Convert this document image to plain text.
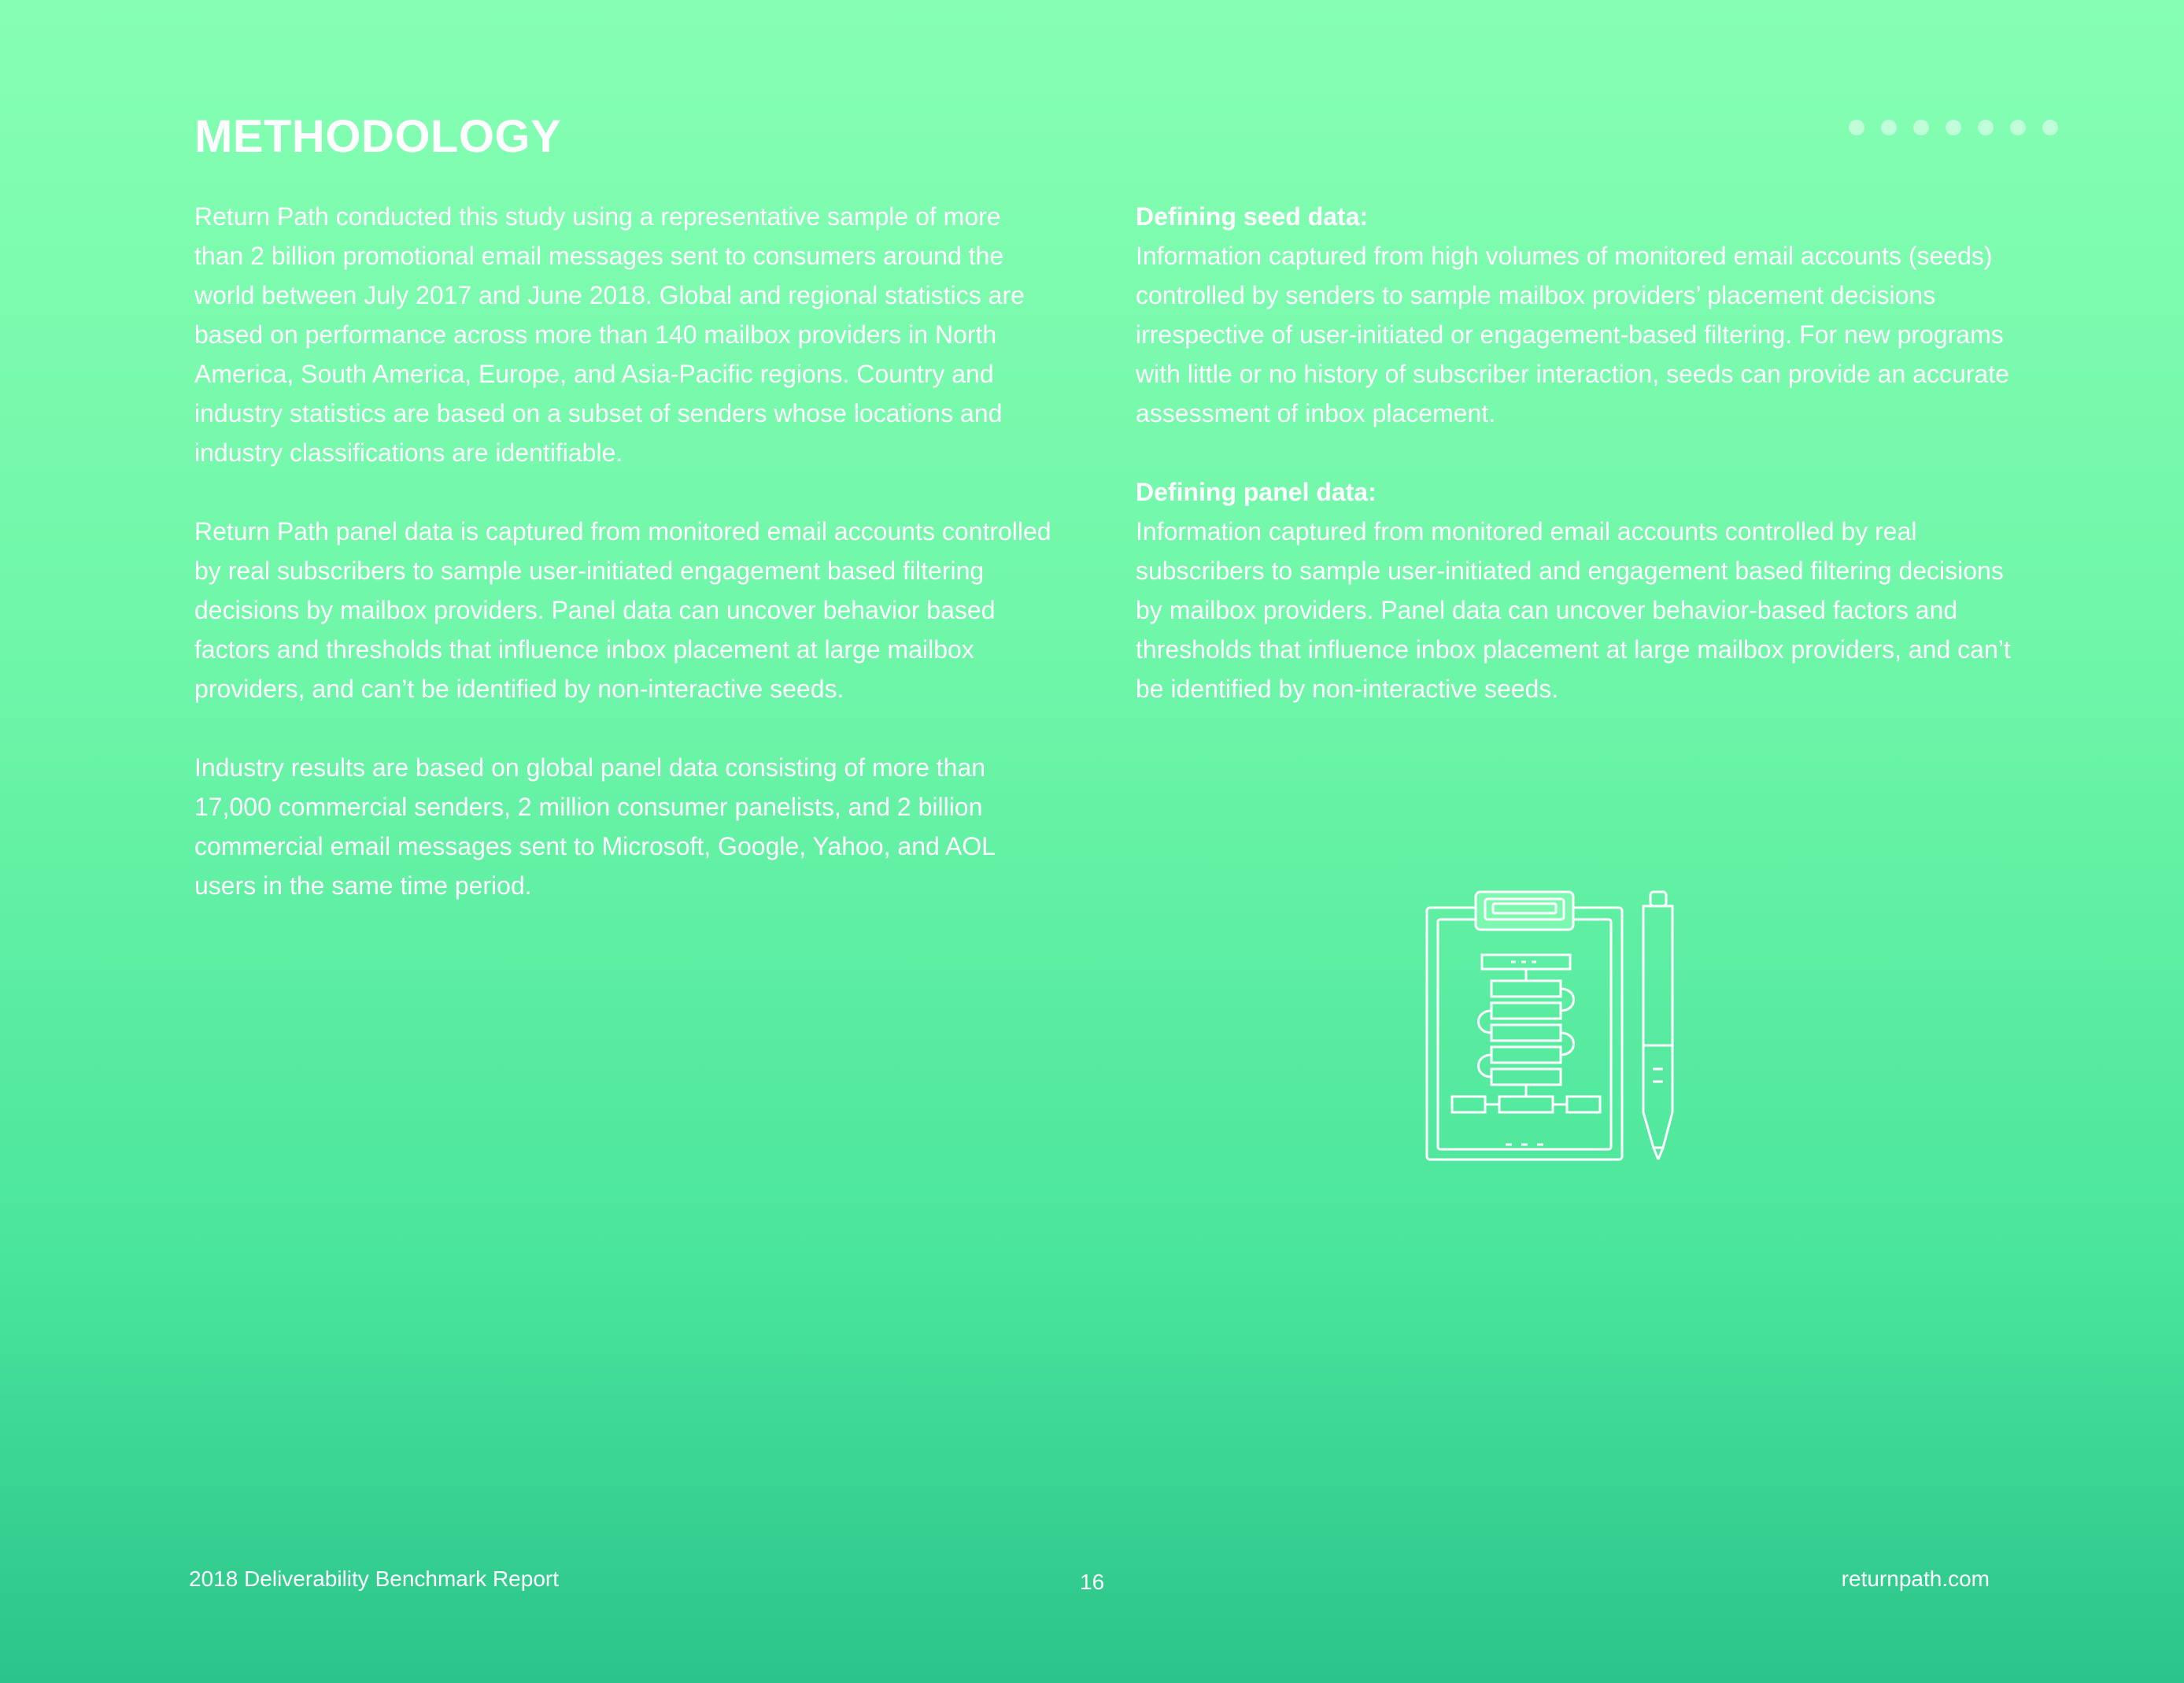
METHODOLOGY

Return Path conducted this study using a representative sample of more than 2 billion promotional email messages sent to consumers around the world between July 2017 and June 2018. Global and regional statistics are based on performance across more than 140 mailbox providers in North America, South America, Europe, and Asia-Pacific regions. Country and industry statistics are based on a subset of senders whose locations and industry classifications are identifiable.

Return Path panel data is captured from monitored email accounts controlled by real subscribers to sample user-initiated engagement based filtering decisions by mailbox providers. Panel data can uncover behavior based factors and thresholds that influence inbox placement at large mailbox providers, and can’t be identified by non-interactive seeds.

Industry results are based on global panel data consisting of more than 17,000 commercial senders, 2 million consumer panelists, and 2 billion commercial email messages sent to Microsoft, Google, Yahoo, and AOL users in the same time period.

Defining seed data:
Information captured from high volumes of monitored email accounts (seeds) controlled by senders to sample mailbox providers’ placement decisions irrespective of user-initiated or engagement-based filtering. For new programs with little or no history of subscriber interaction, seeds can provide an accurate assessment of inbox placement.
Defining panel data:
Information captured from monitored email accounts controlled by real subscribers to sample user-initiated and engagement based filtering decisions by mailbox providers. Panel data can uncover behavior-based factors and thresholds that influence inbox placement at large mailbox providers, and can’t be identified by non-interactive seeds.
2018 Deliverability Benchmark Report	16	returnpath.com
